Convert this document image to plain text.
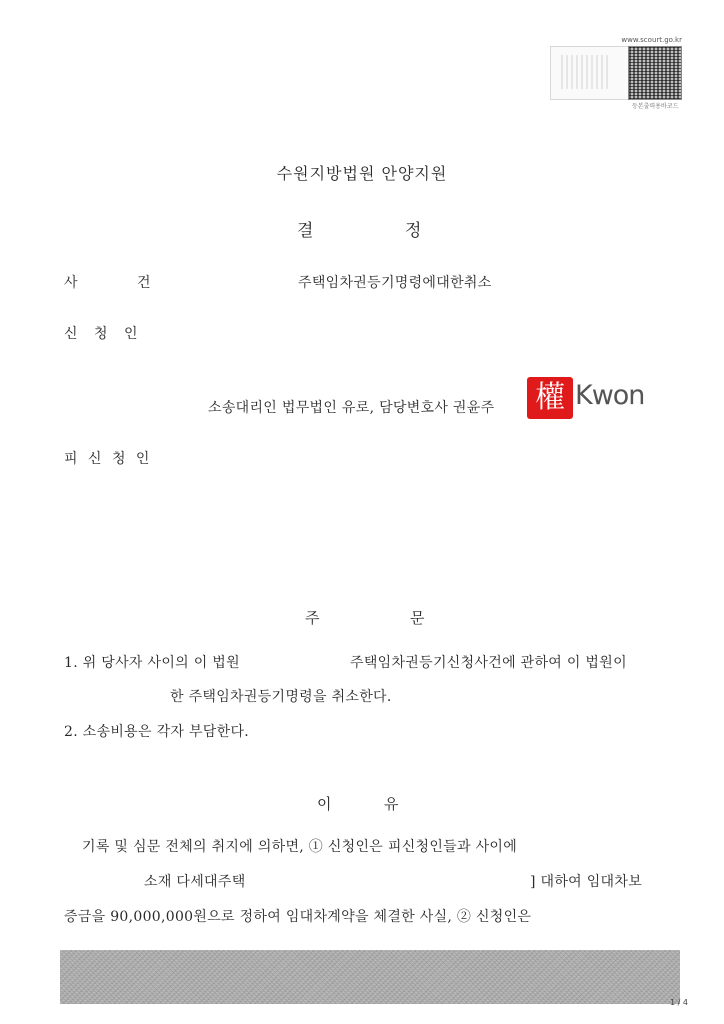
www.scourt.go.kr
등본출력용바코드
수원지방법원 안양지원
결	정
사	건	주택임차권등기명령에대한취소
신 청 인
소송대리인 법무법인 유로, 담당변호사 권윤주 權 Kwon
피 신 청 인
주	문
1. 위 당사자 사이의 이 법원	주택임차권등기신청사건에 관하여 이 법원이
한 주택임차권등기명령을 취소한다.
2. 소송비용은 각자 부담한다.
이	유
기록 및 심문 전체의 취지에 의하면, ① 신청인은 피신청인들과 사이에
소재 다세대주택	] 대하여 임대차보
증금을 90,000,000원으로 정하여 임대차계약을 체결한 사실, ② 신청인은
1 / 4
